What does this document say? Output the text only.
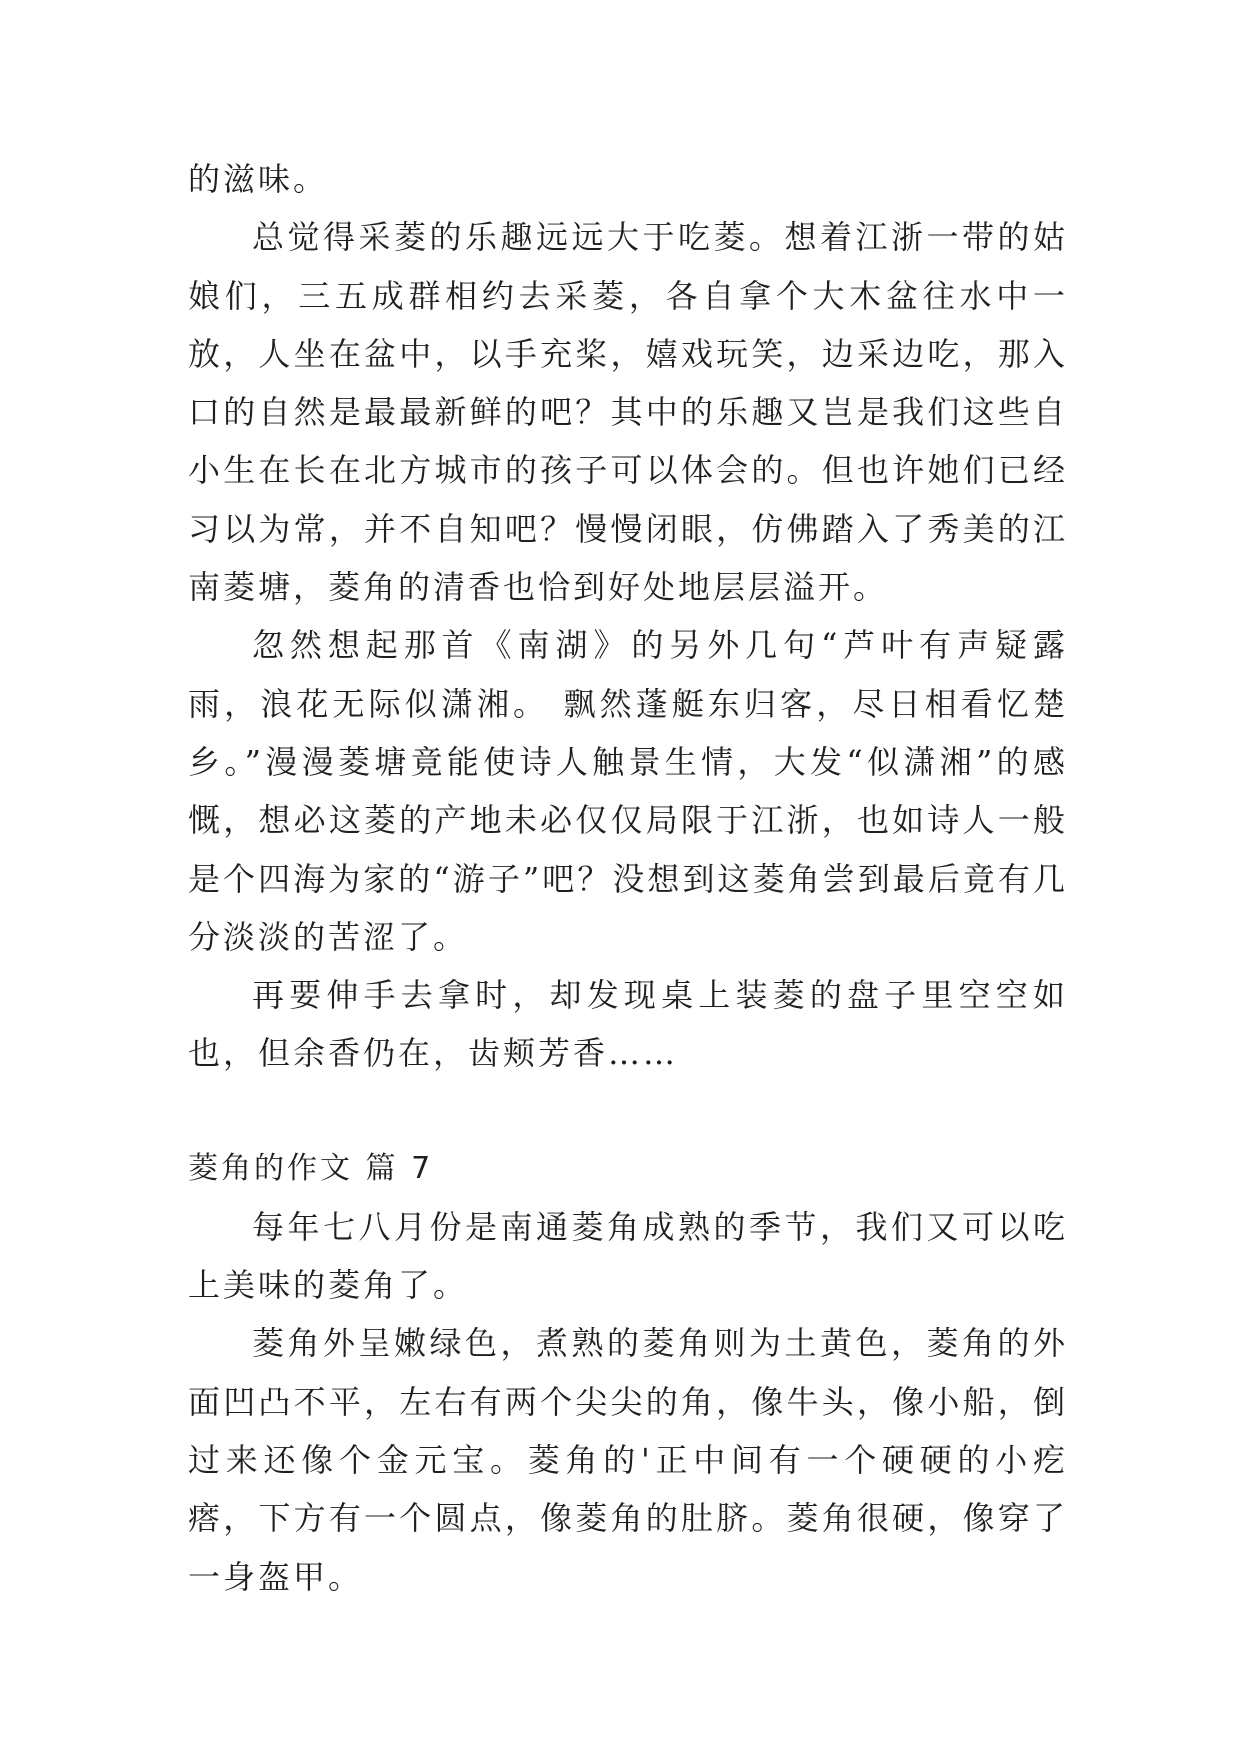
的滋味。

总觉得采菱的乐趣远远大于吃菱。想着江浙一带的姑娘们，三五成群相约去采菱，各自拿个大木盆往水中一放，人坐在盆中，以手充桨，嬉戏玩笑，边采边吃，那入口的自然是最最新鲜的吧？其中的乐趣又岂是我们这些自小生在长在北方城市的孩子可以体会的。但也许她们已经习以为常，并不自知吧？慢慢闭眼，仿佛踏入了秀美的江南菱塘，菱角的清香也恰到好处地层层溢开。

忽然想起那首《南湖》的另外几句“芦叶有声疑露雨，浪花无际似潇湘。 飘然蓬艇东归客，尽日相看忆楚乡。”漫漫菱塘竟能使诗人触景生情，大发“似潇湘”的感慨，想必这菱的产地未必仅仅局限于江浙，也如诗人一般是个四海为家的“游子”吧？没想到这菱角尝到最后竟有几分淡淡的苦涩了。

再要伸手去拿时，却发现桌上装菱的盘子里空空如也，但余香仍在，齿颊芳香……

菱角的作文 篇 7

每年七八月份是南通菱角成熟的季节，我们又可以吃上美味的菱角了。

菱角外呈嫩绿色，煮熟的菱角则为土黄色，菱角的外面凹凸不平，左右有两个尖尖的角，像牛头，像小船，倒过来还像个金元宝。菱角的'正中间有一个硬硬的小疙瘩，下方有一个圆点，像菱角的肚脐。菱角很硬，像穿了一身盔甲。
